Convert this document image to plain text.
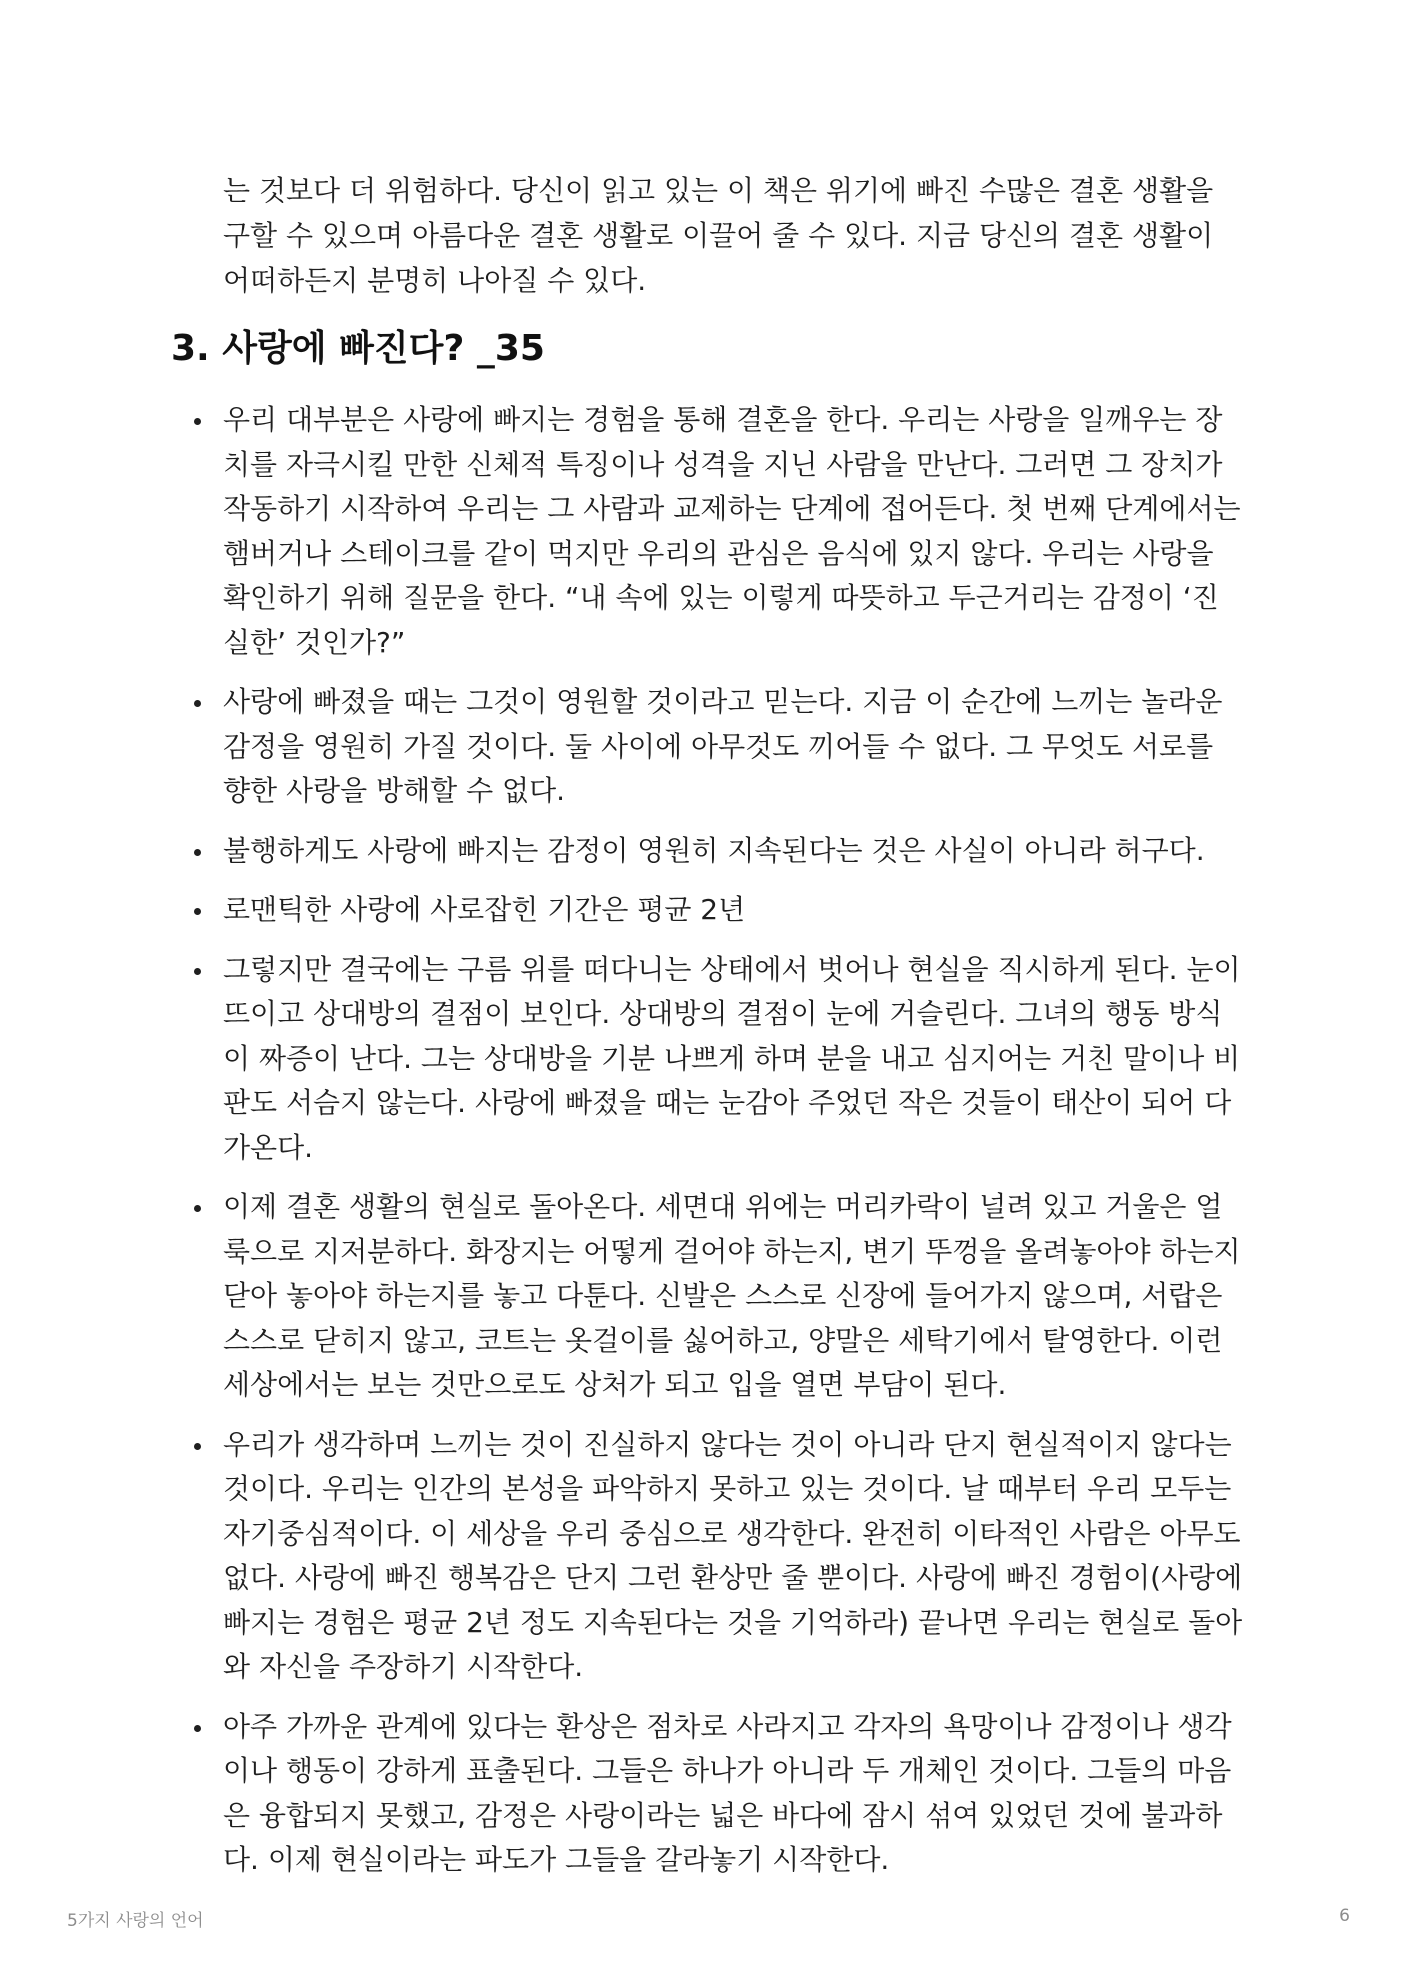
는 것보다 더 위험하다. 당신이 읽고 있는 이 책은 위기에 빠진 수많은 결혼 생활을 구할 수 있으며 아름다운 결혼 생활로 이끌어 줄 수 있다. 지금 당신의 결혼 생활이 어떠하든지 분명히 나아질 수 있다.

3. 사랑에 빠진다? _35
우리 대부분은 사랑에 빠지는 경험을 통해 결혼을 한다. 우리는 사랑을 일깨우는 장치를 자극시킬 만한 신체적 특징이나 성격을 지닌 사람을 만난다. 그러면 그 장치가 작동하기 시작하여 우리는 그 사람과 교제하는 단계에 접어든다. 첫 번째 단계에서는 햄버거나 스테이크를 같이 먹지만 우리의 관심은 음식에 있지 않다. 우리는 사랑을 확인하기 위해 질문을 한다. “내 속에 있는 이렇게 따뜻하고 두근거리는 감정이 ‘진실한’ 것인가?”
사랑에 빠졌을 때는 그것이 영원할 것이라고 믿는다. 지금 이 순간에 느끼는 놀라운 감정을 영원히 가질 것이다. 둘 사이에 아무것도 끼어들 수 없다. 그 무엇도 서로를 향한 사랑을 방해할 수 없다.
불행하게도 사랑에 빠지는 감정이 영원히 지속된다는 것은 사실이 아니라 허구다.
로맨틱한 사랑에 사로잡힌 기간은 평균 2년
그렇지만 결국에는 구름 위를 떠다니는 상태에서 벗어나 현실을 직시하게 된다. 눈이 뜨이고 상대방의 결점이 보인다. 상대방의 결점이 눈에 거슬린다. 그녀의 행동 방식이 짜증이 난다. 그는 상대방을 기분 나쁘게 하며 분을 내고 심지어는 거친 말이나 비판도 서슴지 않는다. 사랑에 빠졌을 때는 눈감아 주었던 작은 것들이 태산이 되어 다가온다.
이제 결혼 생활의 현실로 돌아온다. 세면대 위에는 머리카락이 널려 있고 거울은 얼룩으로 지저분하다. 화장지는 어떻게 걸어야 하는지, 변기 뚜껑을 올려놓아야 하는지 닫아 놓아야 하는지를 놓고 다툰다. 신발은 스스로 신장에 들어가지 않으며, 서랍은 스스로 닫히지 않고, 코트는 옷걸이를 싫어하고, 양말은 세탁기에서 탈영한다. 이런 세상에서는 보는 것만으로도 상처가 되고 입을 열면 부담이 된다.
우리가 생각하며 느끼는 것이 진실하지 않다는 것이 아니라 단지 현실적이지 않다는 것이다. 우리는 인간의 본성을 파악하지 못하고 있는 것이다. 날 때부터 우리 모두는 자기중심적이다. 이 세상을 우리 중심으로 생각한다. 완전히 이타적인 사람은 아무도 없다. 사랑에 빠진 행복감은 단지 그런 환상만 줄 뿐이다. 사랑에 빠진 경험이(사랑에 빠지는 경험은 평균 2년 정도 지속된다는 것을 기억하라) 끝나면 우리는 현실로 돌아와 자신을 주장하기 시작한다.
아주 가까운 관계에 있다는 환상은 점차로 사라지고 각자의 욕망이나 감정이나 생각이나 행동이 강하게 표출된다. 그들은 하나가 아니라 두 개체인 것이다. 그들의 마음은 융합되지 못했고, 감정은 사랑이라는 넓은 바다에 잠시 섞여 있었던 것에 불과하다. 이제 현실이라는 파도가 그들을 갈라놓기 시작한다.
5가지 사랑의 언어	6
